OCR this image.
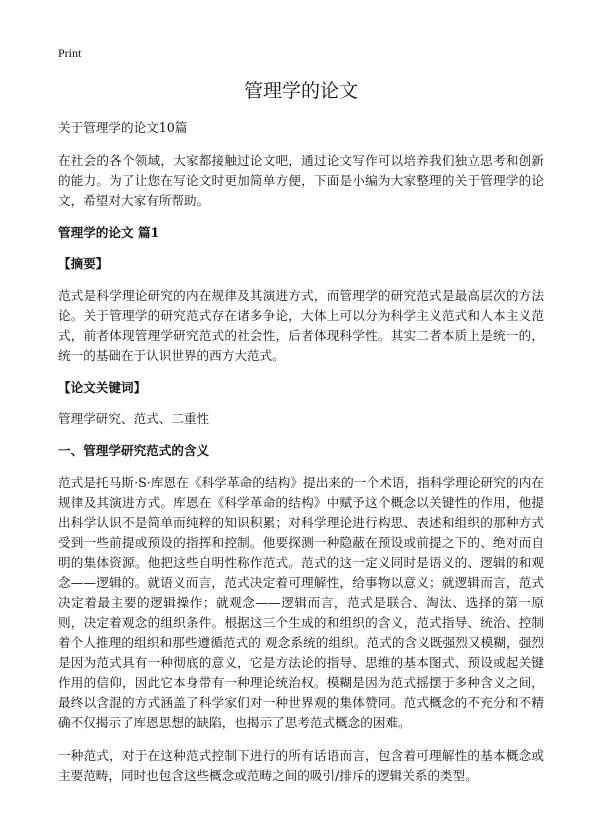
Print
管理学的论文
关于管理学的论文10篇

在社会的各个领域，大家都接触过论文吧，通过论文写作可以培养我们独立思考和创新的能力。为了让您在写论文时更加简单方便，下面是小编为大家整理的关于管理学的论文，希望对大家有所帮助。

管理学的论文 篇1
【摘要】

范式是科学理论研究的内在规律及其演进方式，而管理学的研究范式是最高层次的方法论。关于管理学的研究范式存在诸多争论，大体上可以分为科学主义范式和人本主义范式，前者体现管理学研究范式的社会性，后者体现科学性。其实二者本质上是统一的，统一的基础在于认识世界的西方大范式。

【论文关键词】
管理学研究、范式、二重性
一、管理学研究范式的含义

范式是托马斯·S·库恩在《科学革命的结构》提出来的一个术语，指科学理论研究的内在规律及其演进方式。库恩在《科学革命的结构》中赋予这个概念以关键性的作用，他提出科学认识不是简单而纯粹的知识积累；对科学理论进行构思、表述和组织的那种方式受到一些前提或预设的指挥和控制。他要探测一种隐蔽在预设或前提之下的、绝对而自明的集体资源。他把这些自明性称作范式。范式的这一定义同时是语义的、逻辑的和观念——逻辑的。就语义而言，范式决定着可理解性，给事物以意义；就逻辑而言，范式决定着最主要的逻辑操作；就观念——逻辑而言，范式是联合、淘汰、选择的第一原则，决定着观念的组织条件。根据这三个生成的和组织的含义，范式指导、统治、控制着个人推理的组织和那些遵循范式的 观念系统的组织。范式的含义既强烈又模糊，强烈是因为范式具有一种彻底的意义，它是方法论的指导、思维的基本图式、预设或起关键作用的信仰，因此它本身带有一种理论统治权。模糊是因为范式摇摆于多种含义之间，最终以含混的方式涵盖了科学家们对一种世界观的集体赞同。范式概念的不充分和不精确不仅揭示了库恩思想的缺陷，也揭示了思考范式概念的困难。

一种范式，对于在这种范式控制下进行的所有话语而言，包含着可理解性的基本概念或主要范畴，同时也包含这些概念或范畴之间的吸引/排斥的逻辑关系的类型。
